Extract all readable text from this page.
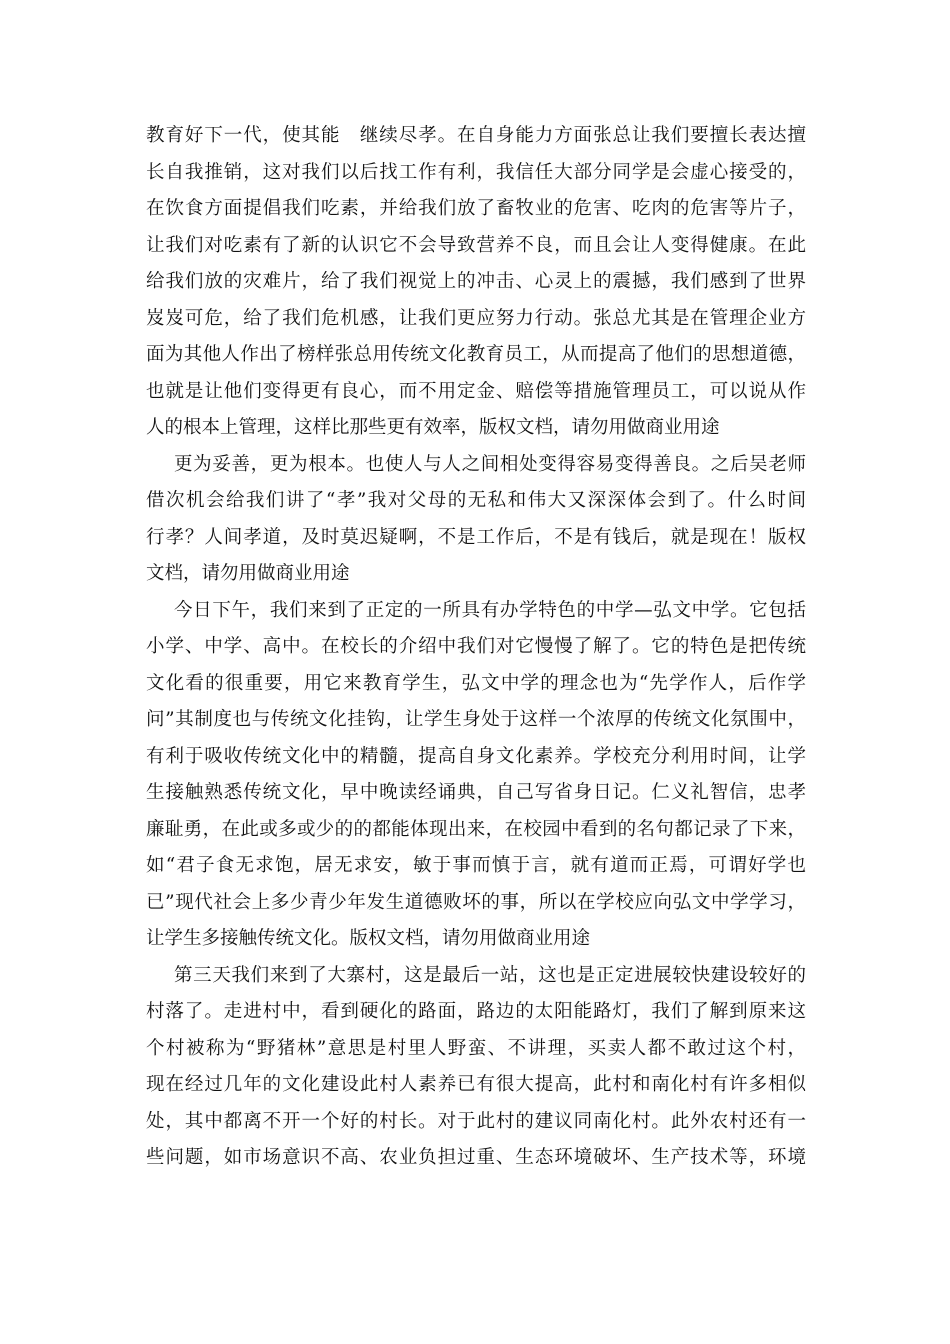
教育好下一代，使其能　继续尽孝。在自身能力方面张总让我们要擅长表达擅
长自我推销，这对我们以后找工作有利，我信任大部分同学是会虚心接受的，
在饮食方面提倡我们吃素，并给我们放了畜牧业的危害、吃肉的危害等片子，
让我们对吃素有了新的认识它不会导致营养不良，而且会让人变得健康。在此
给我们放的灾难片，给了我们视觉上的冲击、心灵上的震撼，我们感到了世界
岌岌可危，给了我们危机感，让我们更应努力行动。张总尤其是在管理企业方
面为其他人作出了榜样张总用传统文化教育员工，从而提高了他们的思想道德，
也就是让他们变得更有良心，而不用定金、赔偿等措施管理员工，可以说从作
人的根本上管理，这样比那些更有效率，版权文档，请勿用做商业用途
更为妥善，更为根本。也使人与人之间相处变得容易变得善良。之后吴老师
借次机会给我们讲了“孝”我对父母的无私和伟大又深深体会到了。什么时间
行孝？人间孝道，及时莫迟疑啊，不是工作后，不是有钱后，就是现在！版权
文档，请勿用做商业用途
今日下午，我们来到了正定的一所具有办学特色的中学—弘文中学。它包括
小学、中学、高中。在校长的介绍中我们对它慢慢了解了。它的特色是把传统
文化看的很重要，用它来教育学生，弘文中学的理念也为“先学作人，后作学
问”其制度也与传统文化挂钩，让学生身处于这样一个浓厚的传统文化氛围中，
有利于吸收传统文化中的精髓，提高自身文化素养。学校充分利用时间，让学
生接触熟悉传统文化，早中晚读经诵典，自己写省身日记。仁义礼智信，忠孝
廉耻勇，在此或多或少的的都能体现出来，在校园中看到的名句都记录了下来，
如“君子食无求饱，居无求安，敏于事而慎于言，就有道而正焉，可谓好学也
已”现代社会上多少青少年发生道德败坏的事，所以在学校应向弘文中学学习，
让学生多接触传统文化。版权文档，请勿用做商业用途
第三天我们来到了大寨村，这是最后一站，这也是正定进展较快建设较好的
村落了。走进村中，看到硬化的路面，路边的太阳能路灯，我们了解到原来这
个村被称为“野猪林”意思是村里人野蛮、不讲理，买卖人都不敢过这个村，
现在经过几年的文化建设此村人素养已有很大提高，此村和南化村有许多相似
处，其中都离不开一个好的村长。对于此村的建议同南化村。此外农村还有一
些问题，如市场意识不高、农业负担过重、生态环境破坏、生产技术等，环境
